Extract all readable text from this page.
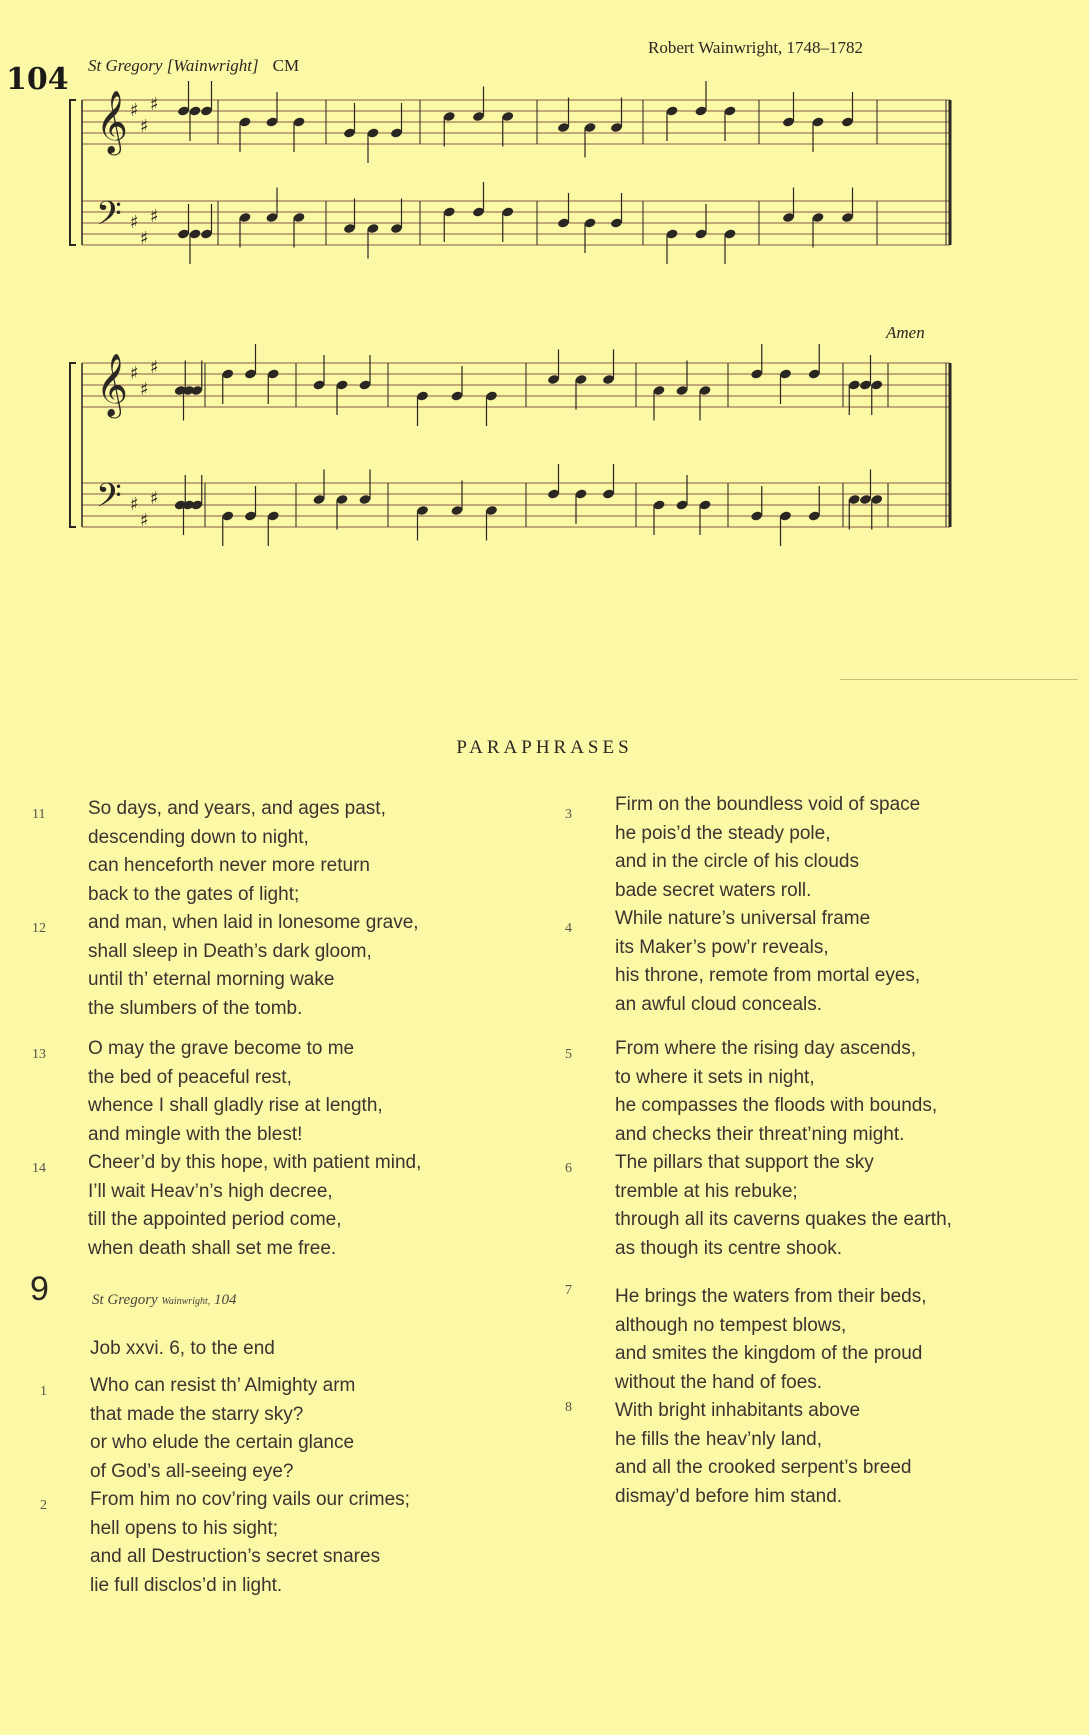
104 St Gregory [Wainwright] CM
Robert Wainwright, 1748–1782
Amen
𝄞 ♯
♯
♯
𝄢 ♯
♯
♯
𝄞 ♯
♯
♯
𝄢 ♯
♯
♯
PARAPHRASES
11 So days, and years, and ages past,
descending down to night,
can henceforth never more return
back to the gates of light;
12 and man, when laid in lonesome grave,
shall sleep in Death’s dark gloom,
until th’ eternal morning wake
the slumbers of the tomb.
13 O may the grave become to me
the bed of peaceful rest,
whence I shall gladly rise at length,
and mingle with the blest!
14 Cheer’d by this hope, with patient mind,
I’ll wait Heav’n’s high decree,
till the appointed period come,
when death shall set me free.
9	St Gregory Wainwright, 104
Job xxvi. 6, to the end
1 Who can resist th’ Almighty arm
that made the starry sky?
or who elude the certain glance
of God’s all-seeing eye?
2 From him no cov’ring vails our crimes;
hell opens to his sight;
and all Destruction’s secret snares
lie full disclos’d in light.
3 Firm on the boundless void of space
he pois’d the steady pole,
and in the circle of his clouds
bade secret waters roll.
4 While nature’s universal frame
its Maker’s pow’r reveals,
his throne, remote from mortal eyes,
an awful cloud conceals.
5 From where the rising day ascends,
to where it sets in night,
he compasses the floods with bounds,
and checks their threat’ning might.
6 The pillars that support the sky
tremble at his rebuke;
through all its caverns quakes the earth,
as though its centre shook.
7 He brings the waters from their beds,
although no tempest blows,
and smites the kingdom of the proud
without the hand of foes.
8 With bright inhabitants above
he fills the heav’nly land,
and all the crooked serpent’s breed
dismay’d before him stand.
